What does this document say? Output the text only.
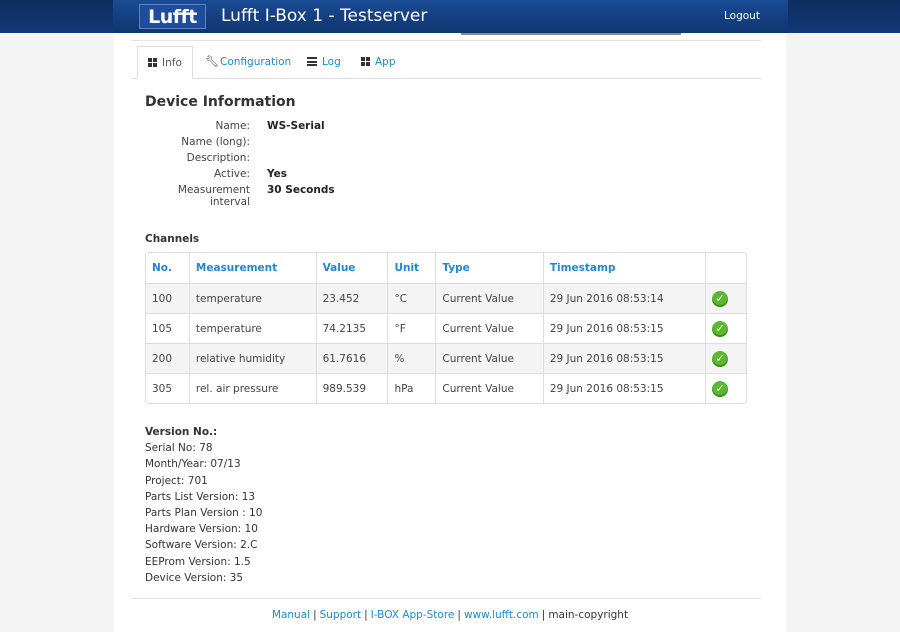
Lufft Lufft I-Box 1 - Testserver	Logout
Info 🔧︎ Configuration	Log	App
Device Information
Name: WS-Serial
Name (long):
Description:
Active: Yes
Measurement interval
30 Seconds
Channels
No.	Measurement	Value	Unit	Type	Timestamp	
100	temperature	23.452	°C	Current Value	29 Jun 2016 08:53:14	✓
105	temperature	74.2135	°F	Current Value	29 Jun 2016 08:53:15	✓
200	relative humidity	61.7616	%	Current Value	29 Jun 2016 08:53:15	✓
305	rel. air pressure	989.539	hPa	Current Value	29 Jun 2016 08:53:15	✓
Version No.:
Serial No: 78
Month/Year: 07/13
Project: 701
Parts List Version: 13
Parts Plan Version : 10
Hardware Version: 10
Software Version: 2.C
EEProm Version: 1.5
Device Version: 35
Manual | Support | I-BOX App-Store | www.lufft.com | main-copyright
